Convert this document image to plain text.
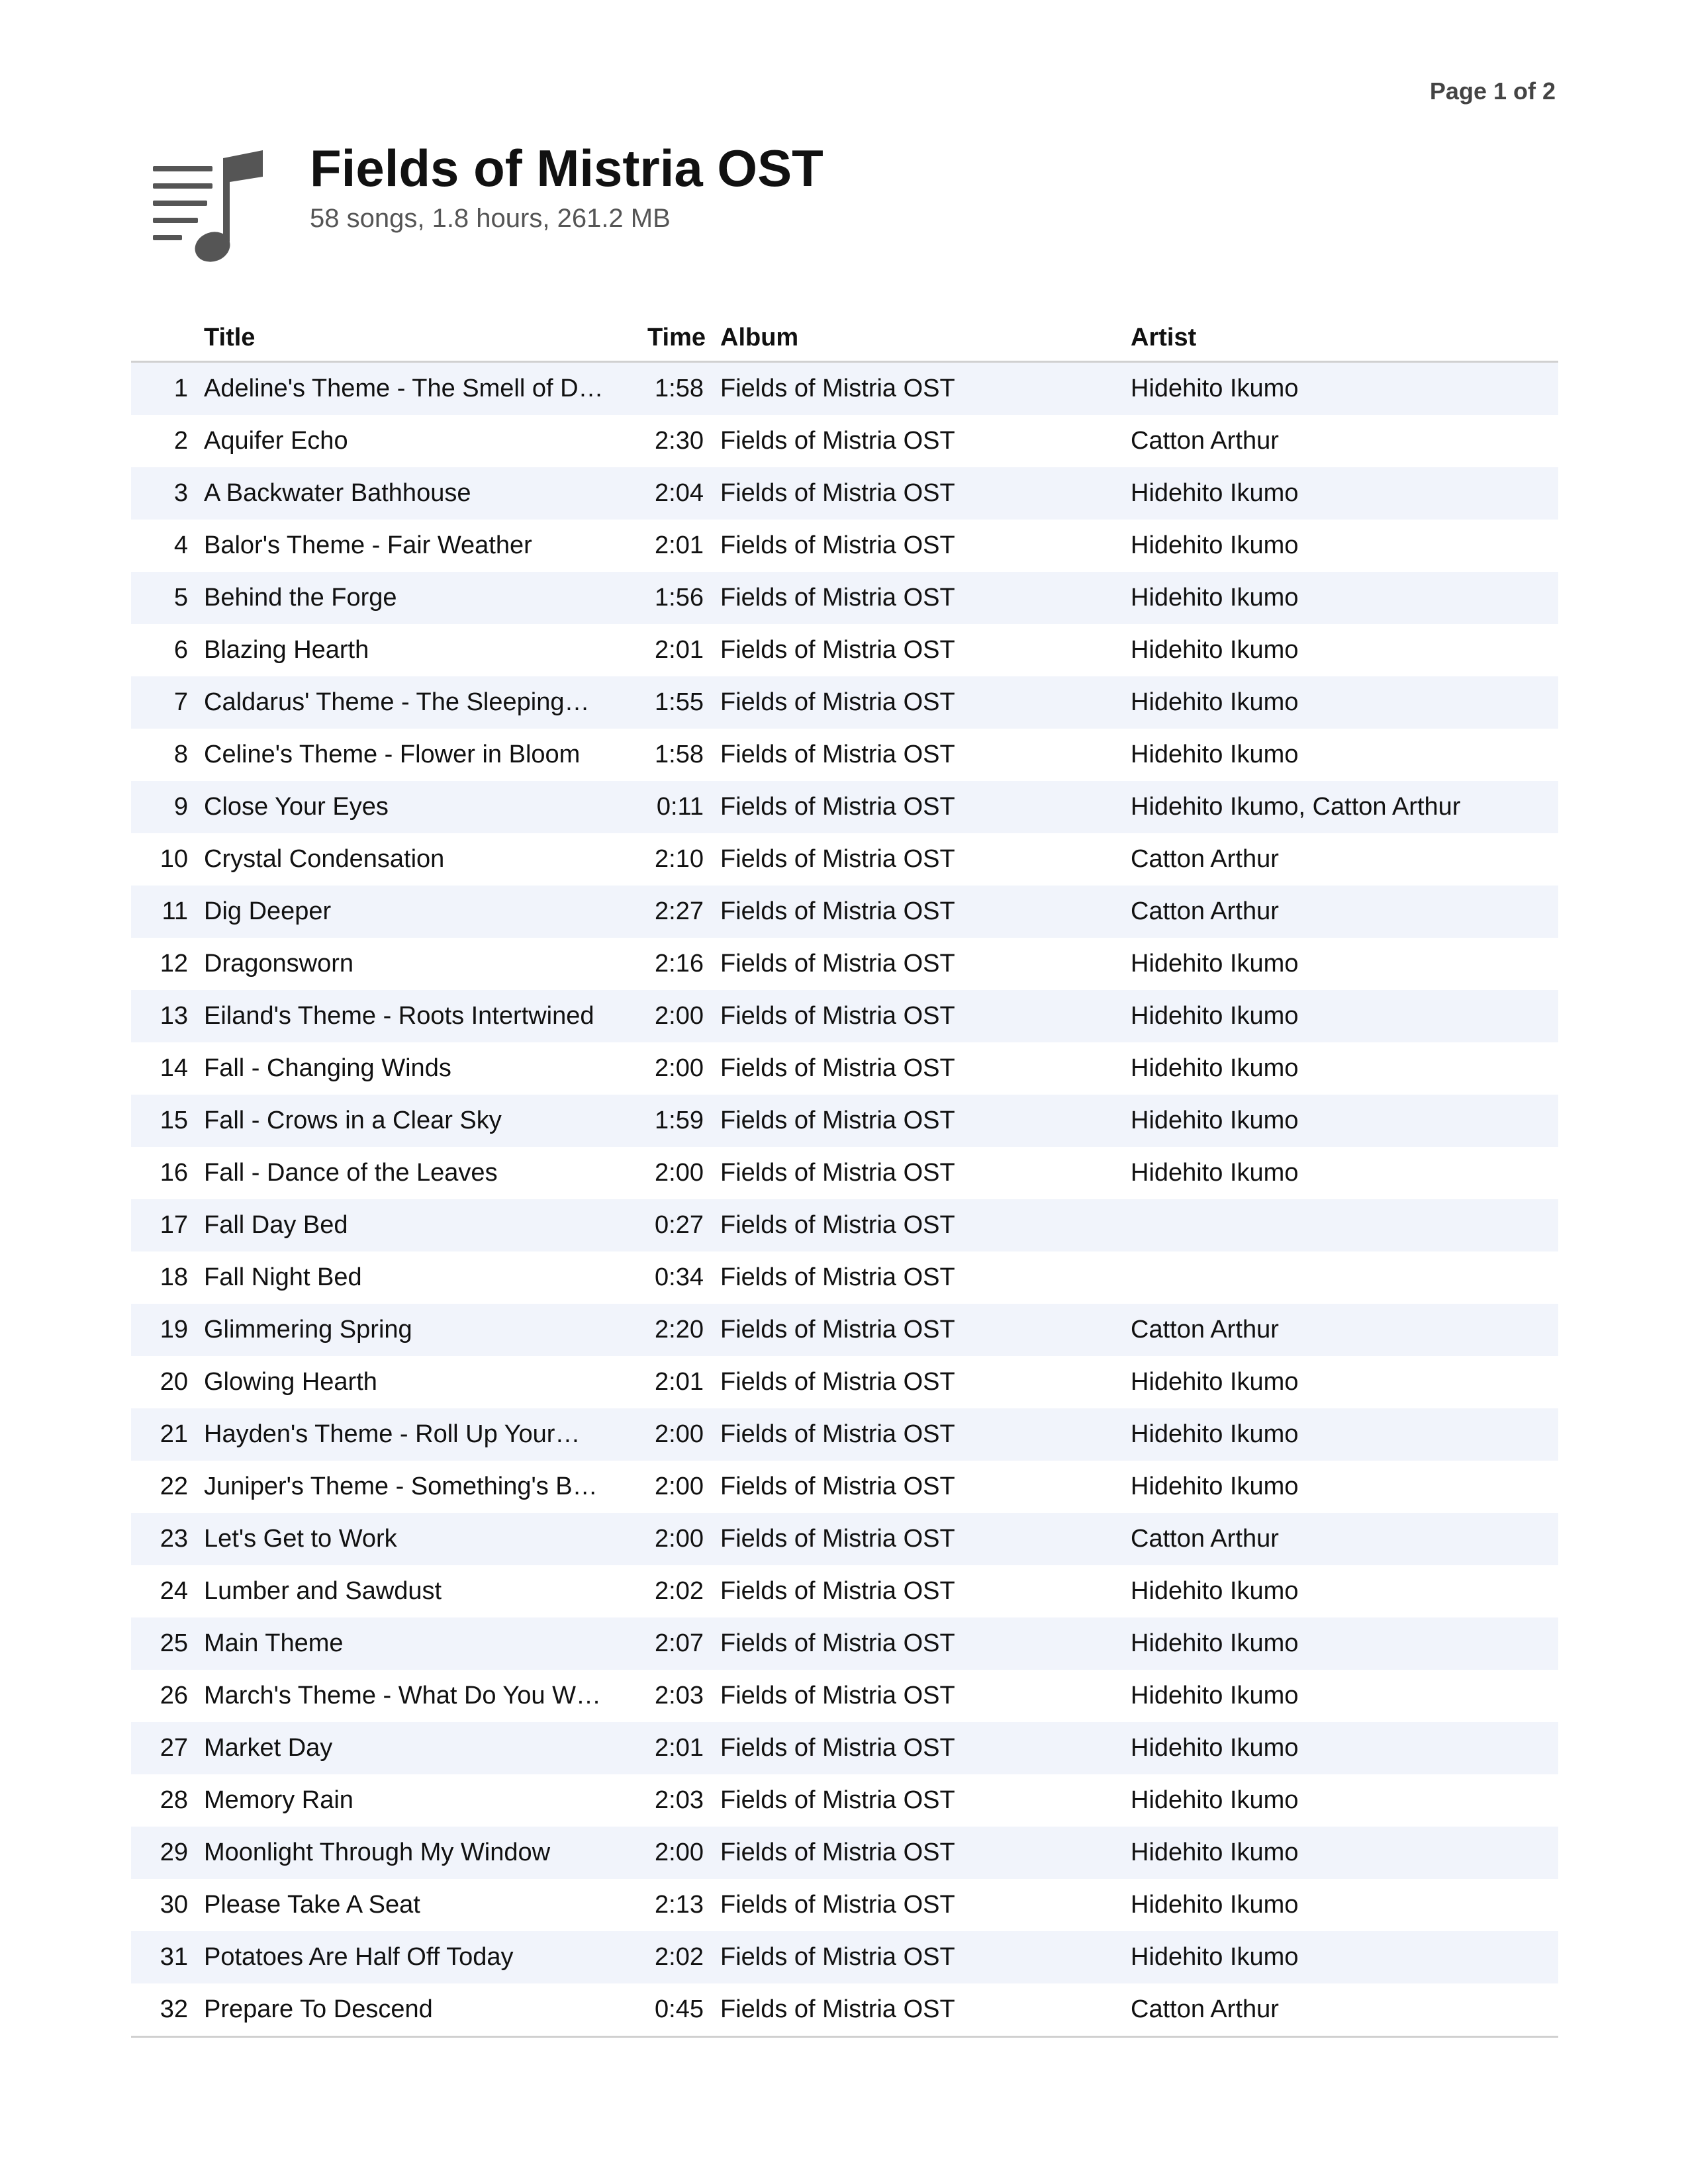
Page 1 of 2
Fields of Mistria OST
58 songs, 1.8 hours, 261.2 MB
	Title	Time		Album	Artist
1	Adeline's Theme - The Smell of D…	1:58		Fields of Mistria OST	Hidehito Ikumo
2	Aquifer Echo	2:30		Fields of Mistria OST	Catton Arthur
3	A Backwater Bathhouse	2:04		Fields of Mistria OST	Hidehito Ikumo
4	Balor's Theme - Fair Weather	2:01		Fields of Mistria OST	Hidehito Ikumo
5	Behind the Forge	1:56		Fields of Mistria OST	Hidehito Ikumo
6	Blazing Hearth	2:01		Fields of Mistria OST	Hidehito Ikumo
7	Caldarus' Theme - The Sleeping…	1:55		Fields of Mistria OST	Hidehito Ikumo
8	Celine's Theme - Flower in Bloom	1:58		Fields of Mistria OST	Hidehito Ikumo
9	Close Your Eyes	0:11		Fields of Mistria OST	Hidehito Ikumo, Catton Arthur
10	Crystal Condensation	2:10		Fields of Mistria OST	Catton Arthur
11	Dig Deeper	2:27		Fields of Mistria OST	Catton Arthur
12	Dragonsworn	2:16		Fields of Mistria OST	Hidehito Ikumo
13	Eiland's Theme - Roots Intertwined	2:00		Fields of Mistria OST	Hidehito Ikumo
14	Fall - Changing Winds	2:00		Fields of Mistria OST	Hidehito Ikumo
15	Fall - Crows in a Clear Sky	1:59		Fields of Mistria OST	Hidehito Ikumo
16	Fall - Dance of the Leaves	2:00		Fields of Mistria OST	Hidehito Ikumo
17	Fall Day Bed	0:27		Fields of Mistria OST	
18	Fall Night Bed	0:34		Fields of Mistria OST	
19	Glimmering Spring	2:20		Fields of Mistria OST	Catton Arthur
20	Glowing Hearth	2:01		Fields of Mistria OST	Hidehito Ikumo
21	Hayden's Theme - Roll Up Your…	2:00		Fields of Mistria OST	Hidehito Ikumo
22	Juniper's Theme - Something's B…	2:00		Fields of Mistria OST	Hidehito Ikumo
23	Let's Get to Work	2:00		Fields of Mistria OST	Catton Arthur
24	Lumber and Sawdust	2:02		Fields of Mistria OST	Hidehito Ikumo
25	Main Theme	2:07		Fields of Mistria OST	Hidehito Ikumo
26	March's Theme - What Do You W…	2:03		Fields of Mistria OST	Hidehito Ikumo
27	Market Day	2:01		Fields of Mistria OST	Hidehito Ikumo
28	Memory Rain	2:03		Fields of Mistria OST	Hidehito Ikumo
29	Moonlight Through My Window	2:00		Fields of Mistria OST	Hidehito Ikumo
30	Please Take A Seat	2:13		Fields of Mistria OST	Hidehito Ikumo
31	Potatoes Are Half Off Today	2:02		Fields of Mistria OST	Hidehito Ikumo
32	Prepare To Descend	0:45		Fields of Mistria OST	Catton Arthur
